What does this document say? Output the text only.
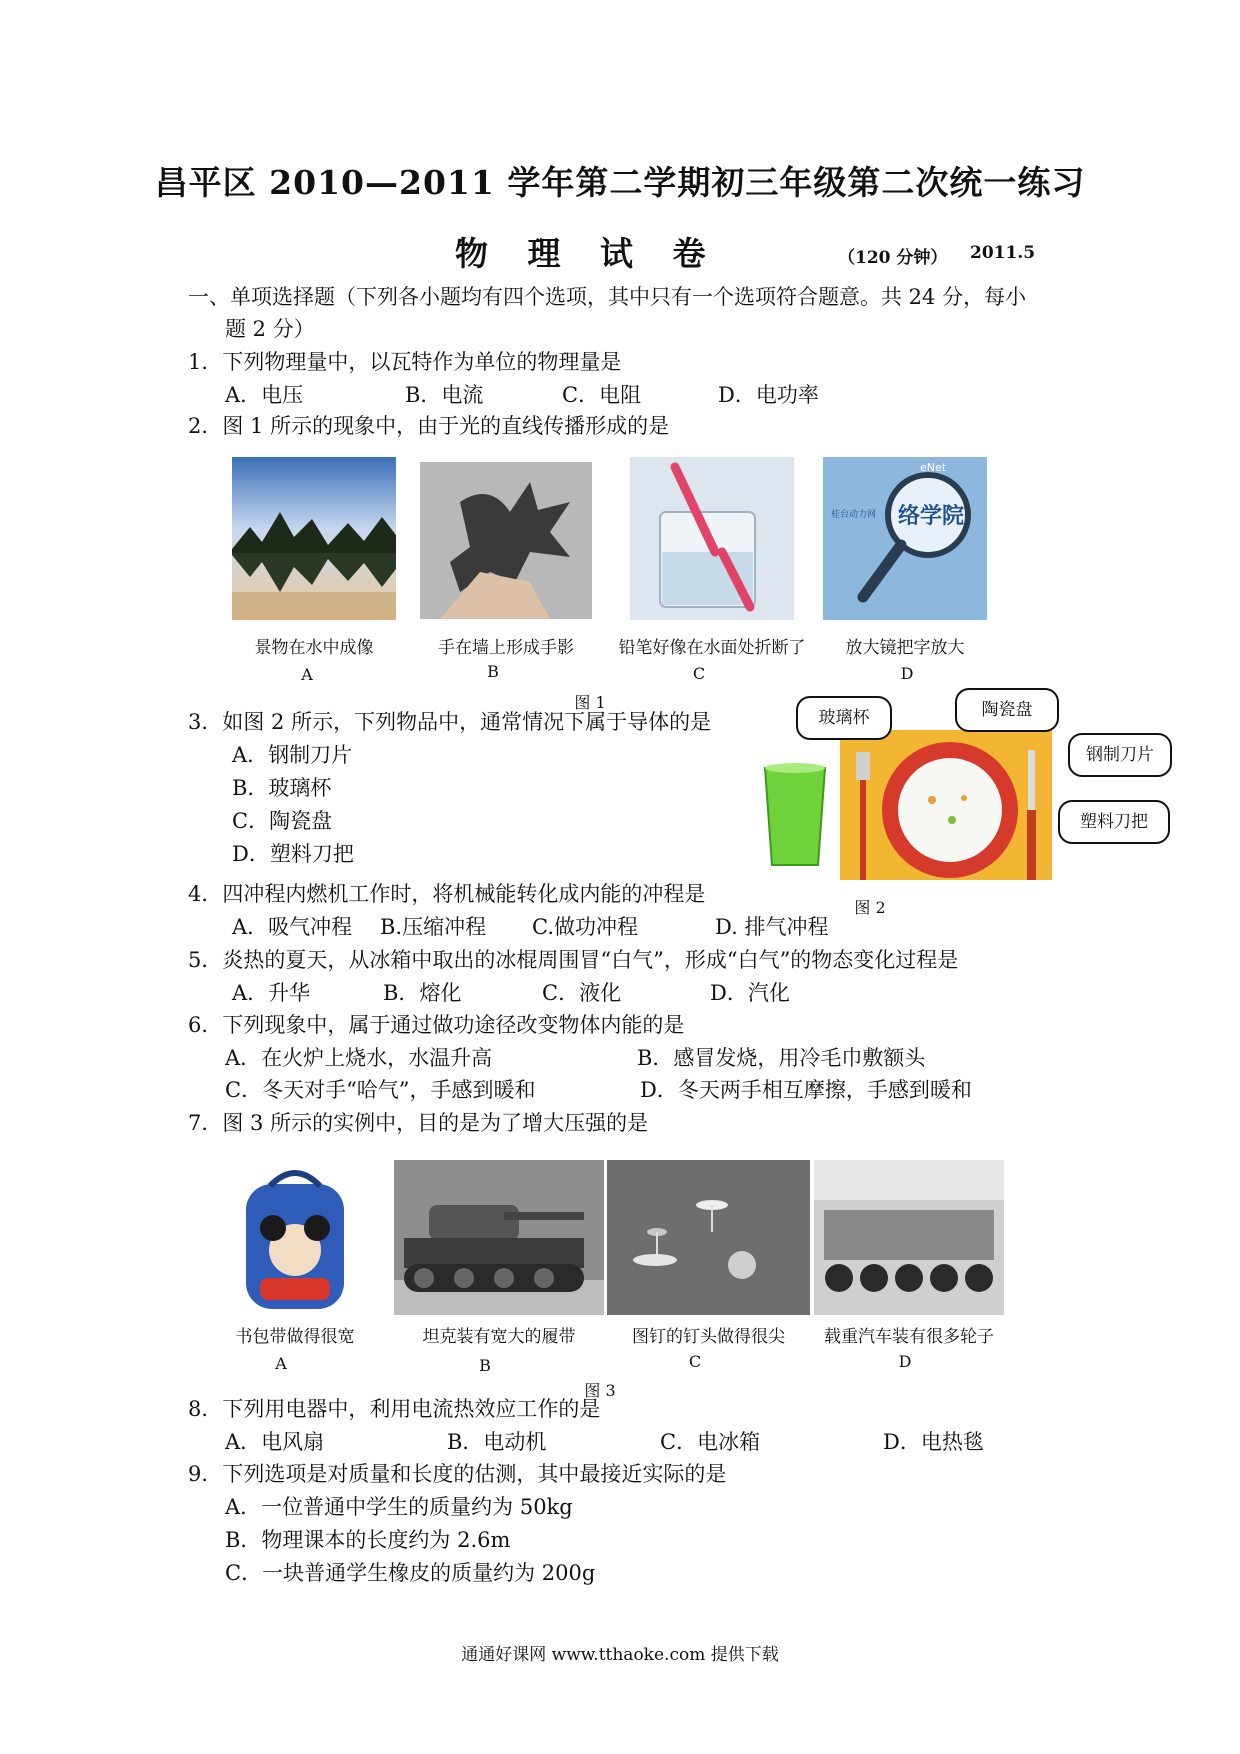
昌平区 2010—2011 学年第二学期初三年级第二次统一练习
物 理 试 卷	（120 分钟） 2011.5
一、单项选择题（下列各小题均有四个选项，其中只有一个选项符合题意。共 24 分，每小
题 2 分）
1．下列物理量中，以瓦特作为单位的物理量是
A．电压	B．电流	C．电阻	D．电功率
2．图 1 所示的现象中，由于光的直线传播形成的是
eNet
桂台动力网 络学院
景物在水中成像	手在墙上形成手影	铅笔好像在水面处折断了	放大镜把字放大
A	B	C	D
图 1
3．如图 2 所示，下列物品中，通常情况下属于导体的是
A．钢制刀片
B．玻璃杯
C．陶瓷盘
D．塑料刀把
玻璃杯	陶瓷盘
钢制刀片
塑料刀把
图 2
4．四冲程内燃机工作时，将机械能转化成内能的冲程是
A．吸气冲程 B.压缩冲程 C.做功冲程	D. 排气冲程
5．炎热的夏天，从冰箱中取出的冰棍周围冒“白气”，形成“白气”的物态变化过程是
A．升华	B．熔化	C．液化	D．汽化
6．下列现象中，属于通过做功途径改变物体内能的是
A．在火炉上烧水，水温升高	B．感冒发烧，用冷毛巾敷额头
C．冬天对手“哈气”，手感到暖和	D．冬天两手相互摩擦，手感到暖和
7．图 3 所示的实例中，目的是为了增大压强的是
书包带做得很宽	坦克装有宽大的履带	图钉的钉头做得很尖	载重汽车装有很多轮子
A	B	C	D
图 3
8．下列用电器中，利用电流热效应工作的是
A．电风扇	B．电动机	C．电冰箱	D．电热毯
9．下列选项是对质量和长度的估测，其中最接近实际的是
A．一位普通中学生的质量约为 50kg
B．物理课本的长度约为 2.6m
C．一块普通学生橡皮的质量约为 200g
通通好课网 www.tthaoke.com 提供下载
